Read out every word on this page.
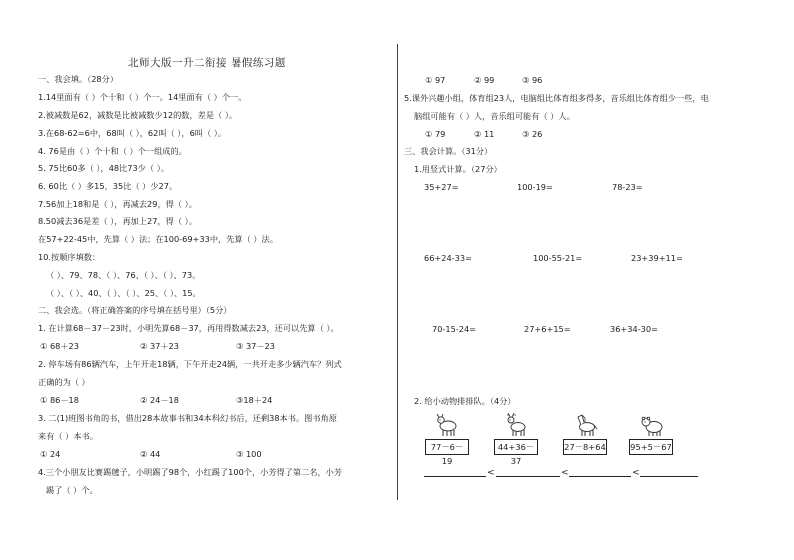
北师大版一升二衔接 暑假练习题
一、我会填。（28分）
1.14里面有（ ）个十和（ ）个一。14里面有（ ）个一。
2.被减数是62，减数是比被减数少12的数，差是（ ）。
3.在68-62=6中，68叫（ ），62叫（ ），6叫（ ）。
4. 76是由（ ）个十和（ ）个一组成的。
5. 75比60多（ ），48比73少（ ）。
6. 60比（ ）多15，35比（ ）少27。
7.56加上18和是（ ），再减去29，得（ ）。
8.50减去36是差（ ），再加上27，得（ ）。
在57+22-45中，先算（ ）法；在100-69+33中，先算（ ）法。
10.按顺序填数：
（ ）、79、78、（ ）、76、（ ）、（ ）、73。
（ ）、（ ）、40、（ ）、（ ）、25、（ ）、15。
二、我会选。（将正确答案的序号填在括号里）（5分）
1. 在计算68－37－23时，小明先算68－37，再用得数减去23，还可以先算（ ）。
① 68＋23	② 37＋23	③ 37－23
2. 停车场有86辆汽车，上午开走18辆，下午开走24辆，一共开走多少辆汽车？列式
正确的为（ ）
① 86－18	② 24－18	③18＋24
3. 二(1)班图书角的书，借出28本故事书和34本科幻书后，还剩38本书。图书角原
来有（ ）本书。
① 24	② 44	③ 100
4.三个小朋友比赛踢毽子，小明踢了98个，小红踢了100个，小芳得了第二名，小芳
踢了（ ）个。
① 97	② 99	③ 96
5.课外兴趣小组，体育组23人，电脑组比体育组多得多，音乐组比体育组少一些，电
脑组可能有（ ）人，音乐组可能有（ ）人。
① 79	② 11	③ 26
三、我会计算。（31分）
1.用竖式计算。（27分）
35+27=	100-19=	78-23=
66+24-33=	100-55-21=	23+39+11=
70-15-24=	27+6+15=	36+34-30=
2. 给小动物排排队。（4分）
77－6－19
44+36－37
27－8+64	95+5－67
<	<	<
